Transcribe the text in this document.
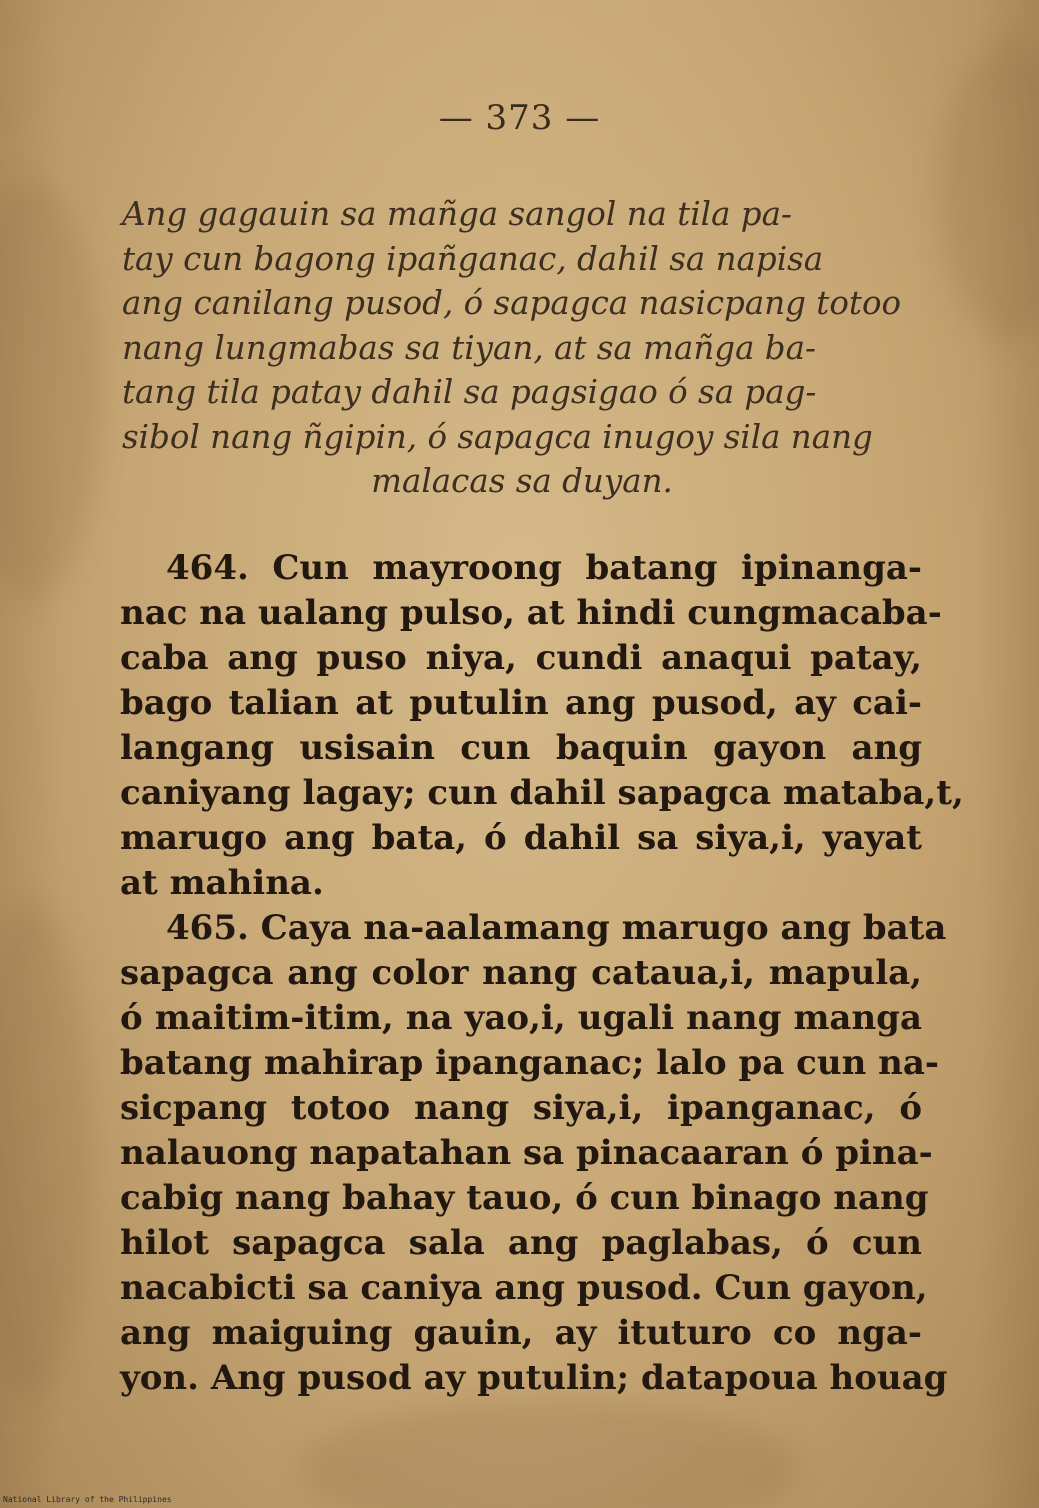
— 373 —

Ang gagauin sa mañga sangol na tila pa-
tay cun bagong ipañganac, dahil sa napisa
ang canilang pusod, ó sapagca nasicpang totoo
nang lungmabas sa tiyan, at sa mañga ba-
tang tila patay dahil sa pagsigao ó sa pag-
sibol nang ñgipin, ó sapagca inugoy sila nang
malacas sa duyan.

464. Cun mayroong batang ipinanga-
nac na ualang pulso, at hindi cungmacaba-
caba ang puso niya, cundi anaqui patay,
bago talian at putulin ang pusod, ay cai-
langang usisain cun baquin gayon ang
caniyang lagay; cun dahil sapagca mataba,t,
marugo ang bata, ó dahil sa siya,i, yayat
at mahina.
465. Caya na-aalamang marugo ang bata
sapagca ang color nang cataua,i, mapula,
ó maitim-itim, na yao,i, ugali nang manga
batang mahirap ipanganac; lalo pa cun na-
sicpang totoo nang siya,i, ipanganac, ó
nalauong napatahan sa pinacaaran ó pina-
cabig nang bahay tauo, ó cun binago nang
hilot sapagca sala ang paglabas, ó cun
nacabicti sa caniya ang pusod. Cun gayon,
ang maiguing gauin, ay ituturo co nga-
yon. Ang pusod ay putulin; datapoua houag
National Library of the Philippines
